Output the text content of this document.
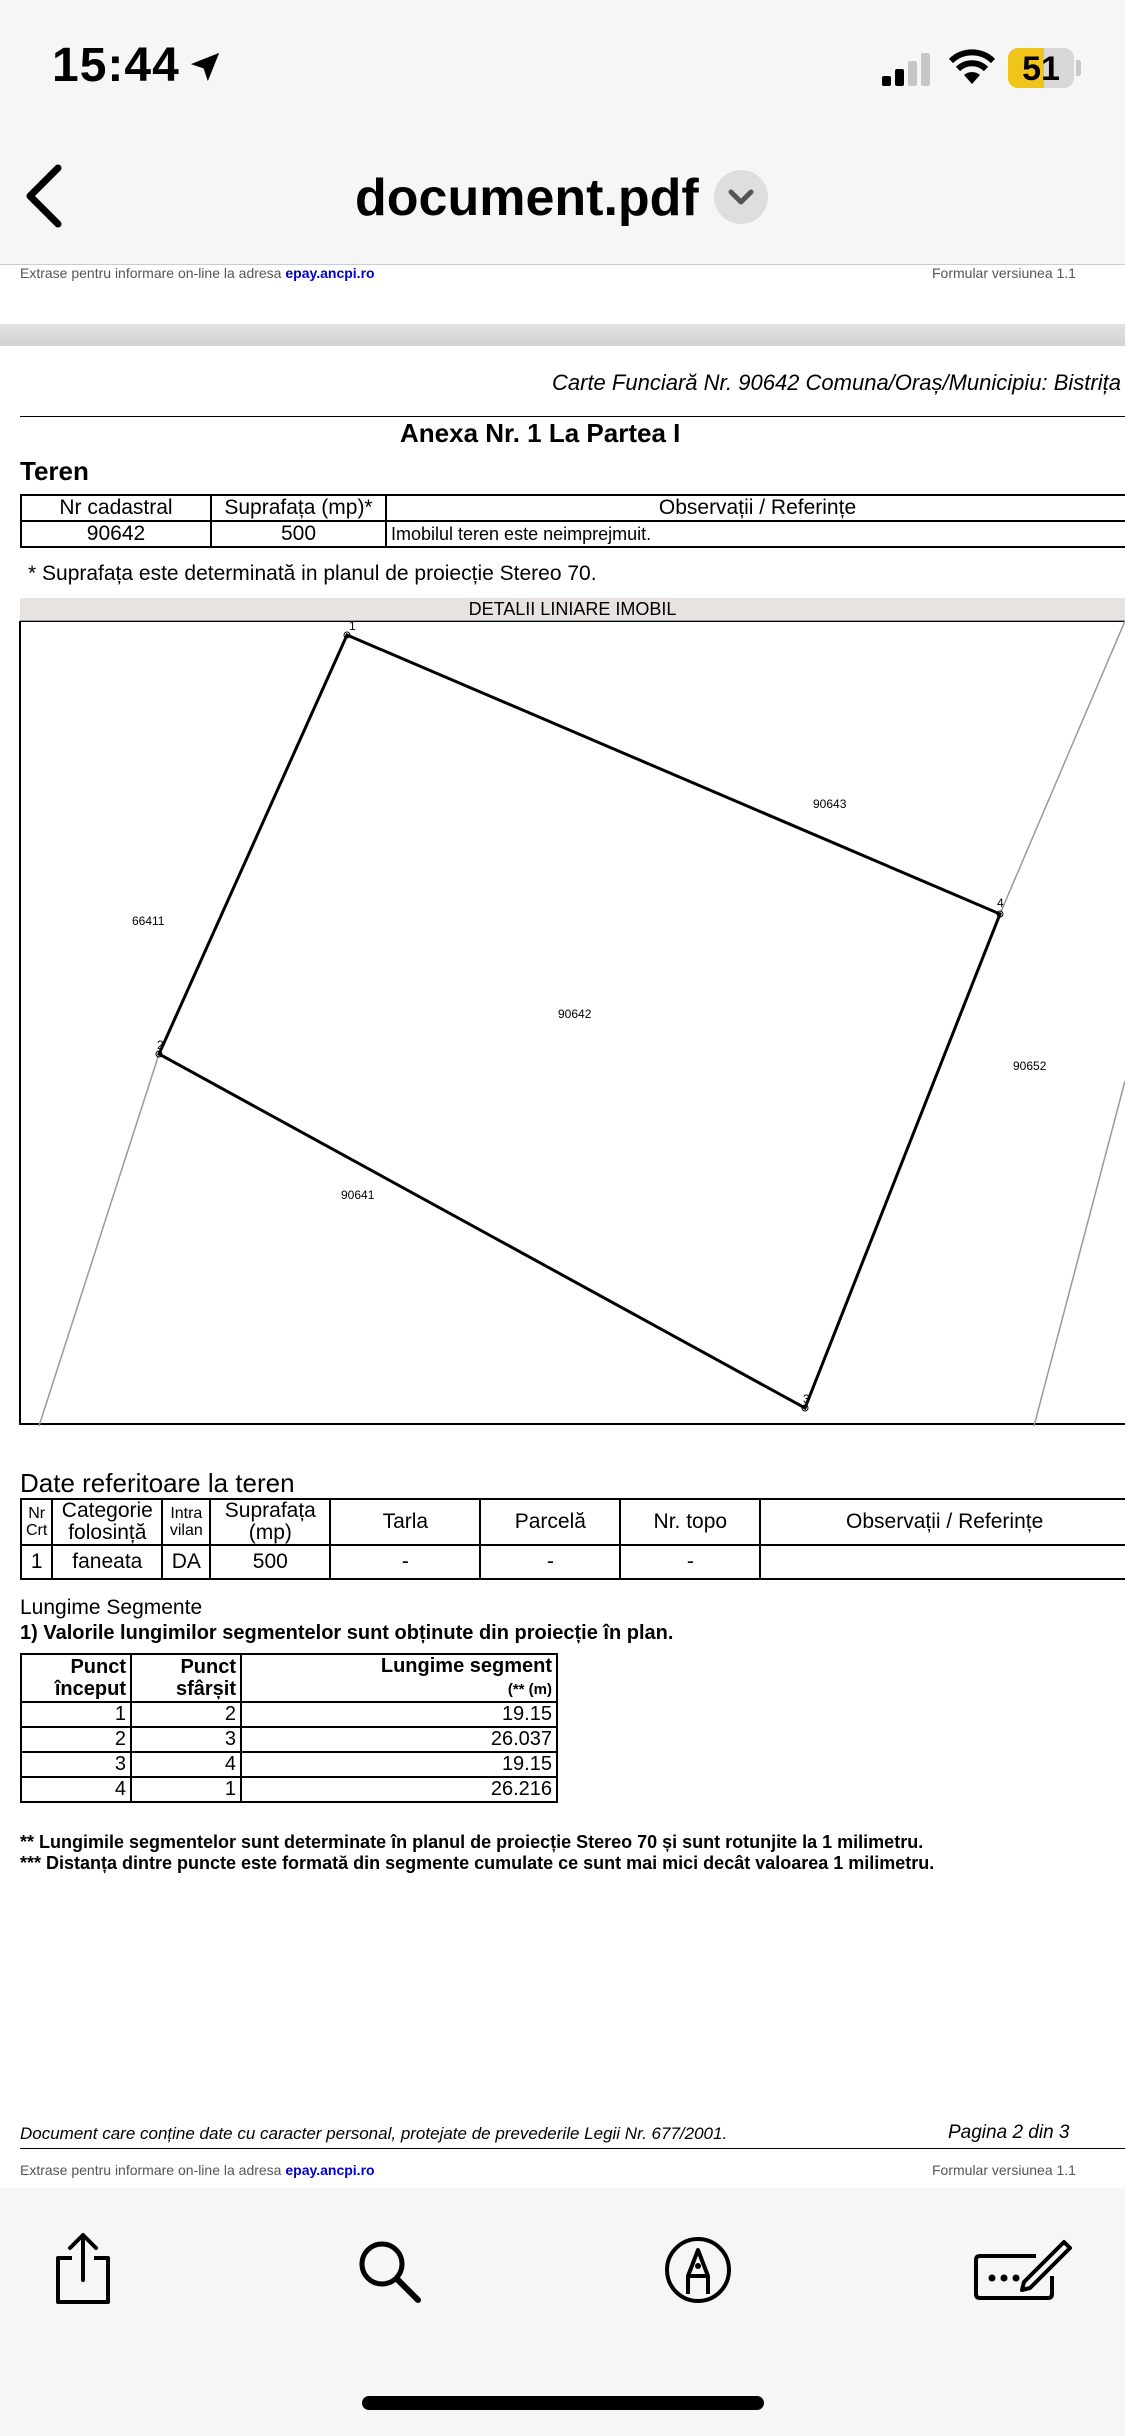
15:44	51
document.pdf
Extrase pentru informare on-line la adresa epay.ancpi.ro	Formular versiunea 1.1
Carte Funciară Nr. 90642 Comuna/Oraș/Municipiu: Bistrița
Anexa Nr. 1 La Partea I
Teren
Nr cadastral	Suprafața (mp)*	Observații / Referințe
90642	500	Imobilul teren este neimprejmuit.
* Suprafața este determinată in planul de proiecție Stereo 70.
DETALII LINIARE IMOBIL
1
2
3
4
90642
90643
66411
90652
90641
Date referitoare la teren
Nr Crt	Categorie folosință	Intra vilan	Suprafața (mp)	Tarla	Parcelă	Nr. topo	Observații / Referințe
1	faneata	DA	500	-	-	-	
Lungime Segmente
1) Valorile lungimilor segmentelor sunt obținute din proiecție în plan.
Punct început	Punct sfârșit	Lungime segment
(** (m)
1	2	19.15
2	3	26.037
3	4	19.15
4	1	26.216
** Lungimile segmentelor sunt determinate în planul de proiecție Stereo 70 și sunt rotunjite la 1 milimetru.
*** Distanța dintre puncte este formată din segmente cumulate ce sunt mai mici decât valoarea 1 milimetru.
Document care conține date cu caracter personal, protejate de prevederile Legii Nr. 677/2001.	Pagina 2 din 3
Extrase pentru informare on-line la adresa epay.ancpi.ro	Formular versiunea 1.1
